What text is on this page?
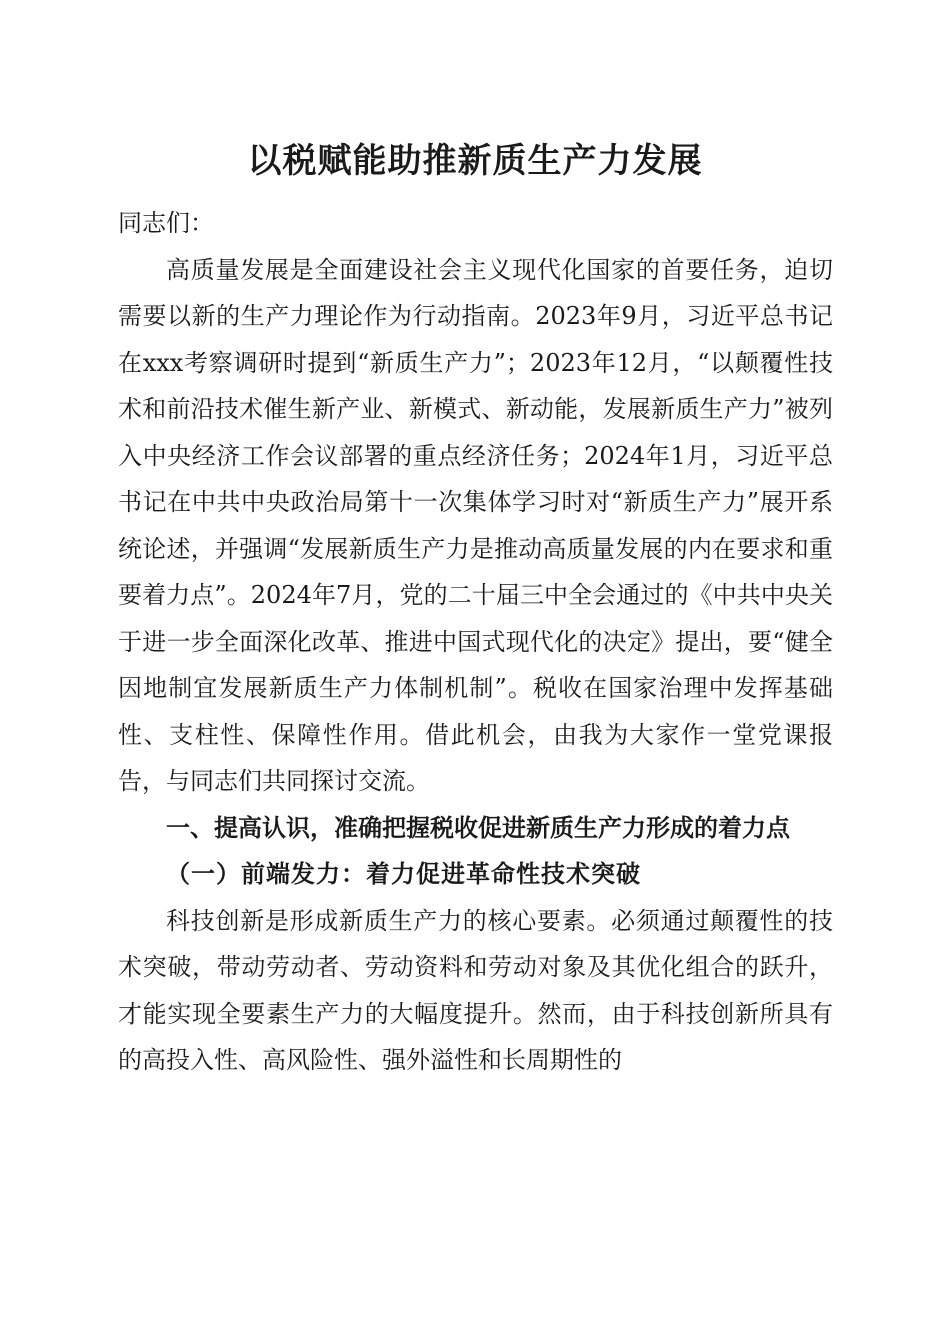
以税赋能助推新质生产力发展

同志们：

高质量发展是全面建设社会主义现代化国家的首要任务，迫切需要以新的生产力理论作为行动指南。2023年9月，习近平总书记在xxx考察调研时提到“新质生产力”；2023年12月，“以颠覆性技术和前沿技术催生新产业、新模式、新动能，发展新质生产力”被列入中央经济工作会议部署的重点经济任务；2024年1月，习近平总书记在中共中央政治局第十一次集体学习时对“新质生产力”展开系统论述，并强调“发展新质生产力是推动高质量发展的内在要求和重要着力点”。2024年7月，党的二十届三中全会通过的《中共中央关于进一步全面深化改革、推进中国式现代化的决定》提出，要“健全因地制宜发展新质生产力体制机制”。税收在国家治理中发挥基础性、支柱性、保障性作用。借此机会，由我为大家作一堂党课报告，与同志们共同探讨交流。

一、提高认识，准确把握税收促进新质生产力形成的着力点

（一）前端发力：着力促进革命性技术突破

科技创新是形成新质生产力的核心要素。必须通过颠覆性的技术突破，带动劳动者、劳动资料和劳动对象及其优化组合的跃升，才能实现全要素生产力的大幅度提升。然而，由于科技创新所具有的高投入性、高风险性、强外溢性和长周期性的
